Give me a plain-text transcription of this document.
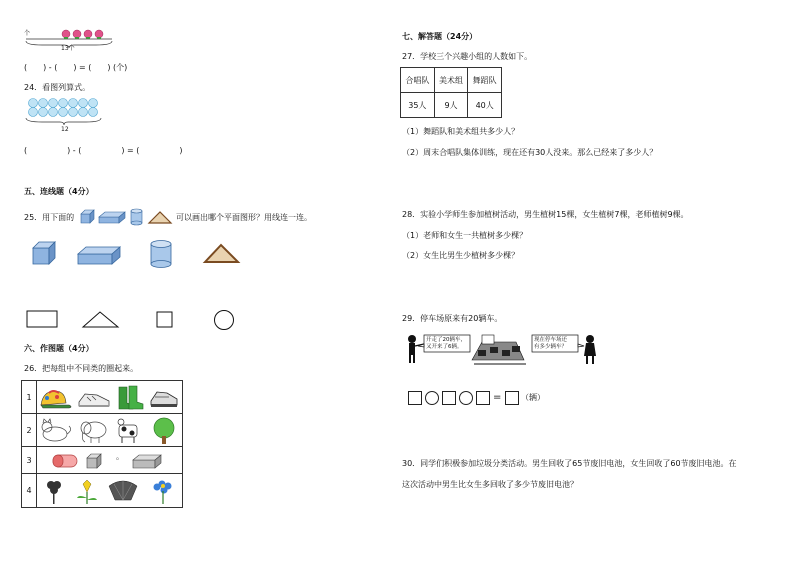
个
13个
(　　) - (　　) = (　　) (个)
24．看图列算式。
12
(　　　　　) - (　　　　　) = (　　　　　)
五、连线题（4分）
25．用下面的	可以画出哪个平面图形？用线连一连。
六、作图题（4分）
26．把每组中不同类的圈起来。
1	

2	

3	。

4	
七、解答题（24分）
27．学校三个兴趣小组的人数如下。
合唱队	美术组	舞蹈队
35人	9人	40人
（1）舞蹈队和美术组共多少人？
（2）周末合唱队集体训练，现在还有30人没来。那么已经来了多少人？
28．实验小学师生参加植树活动，男生植树15棵，女生植树7棵，老师植树9棵。
（1）老师和女生一共植树多少棵？
（2）女生比男生少植树多少棵？
29．停车场原来有20辆车。
开走了20辆车，
又开来了6辆。
现在停车场还
有多少辆车？
= （辆）
30．同学们积极参加垃圾分类活动。男生回收了65节废旧电池，女生回收了60节废旧电池。在
这次活动中男生比女生多回收了多少节废旧电池？
